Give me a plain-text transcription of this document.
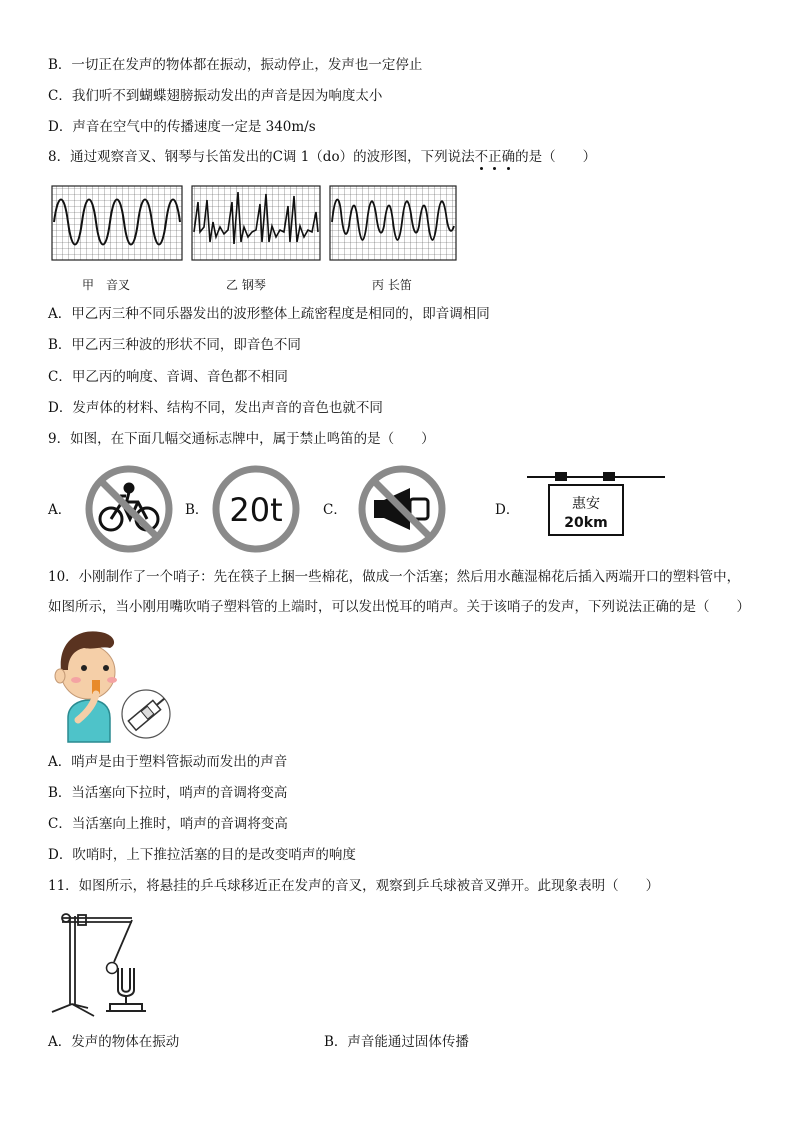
B．一切正在发声的物体都在振动，振动停止，发声也一定停止
C．我们听不到蝴蝶翅膀振动发出的声音是因为响度太小
D．声音在空气中的传播速度一定是 340m/s
8．通过观察音叉、钢琴与长笛发出的C调 1（do）的波形图，下列说法不正确的是（　　）
甲　音叉	乙 钢琴	丙 长笛
A．甲乙丙三种不同乐器发出的波形整体上疏密程度是相同的，即音调相同
B．甲乙丙三种波的形状不同，即音色不同
C．甲乙丙的响度、音调、音色都不相同
D．发声体的材料、结构不同，发出声音的音色也就不同
9．如图，在下面几幅交通标志牌中，属于禁止鸣笛的是（　　）
A．	B． 20t	C．	D．	惠安
20km
10．小刚制作了一个哨子：先在筷子上捆一些棉花，做成一个活塞；然后用水蘸湿棉花后插入两端开口的塑料管中，如图所示，当小刚用嘴吹哨子塑料管的上端时，可以发出悦耳的哨声。关于该哨子的发声，下列说法正确的是（　　）
A．哨声是由于塑料管振动而发出的声音
B．当活塞向下拉时，哨声的音调将变高
C．当活塞向上推时，哨声的音调将变高
D．吹哨时，上下推拉活塞的目的是改变哨声的响度
11．如图所示，将悬挂的乒乓球移近正在发声的音叉，观察到乒乓球被音叉弹开。此现象表明（　　）
A．发声的物体在振动	B．声音能通过固体传播
